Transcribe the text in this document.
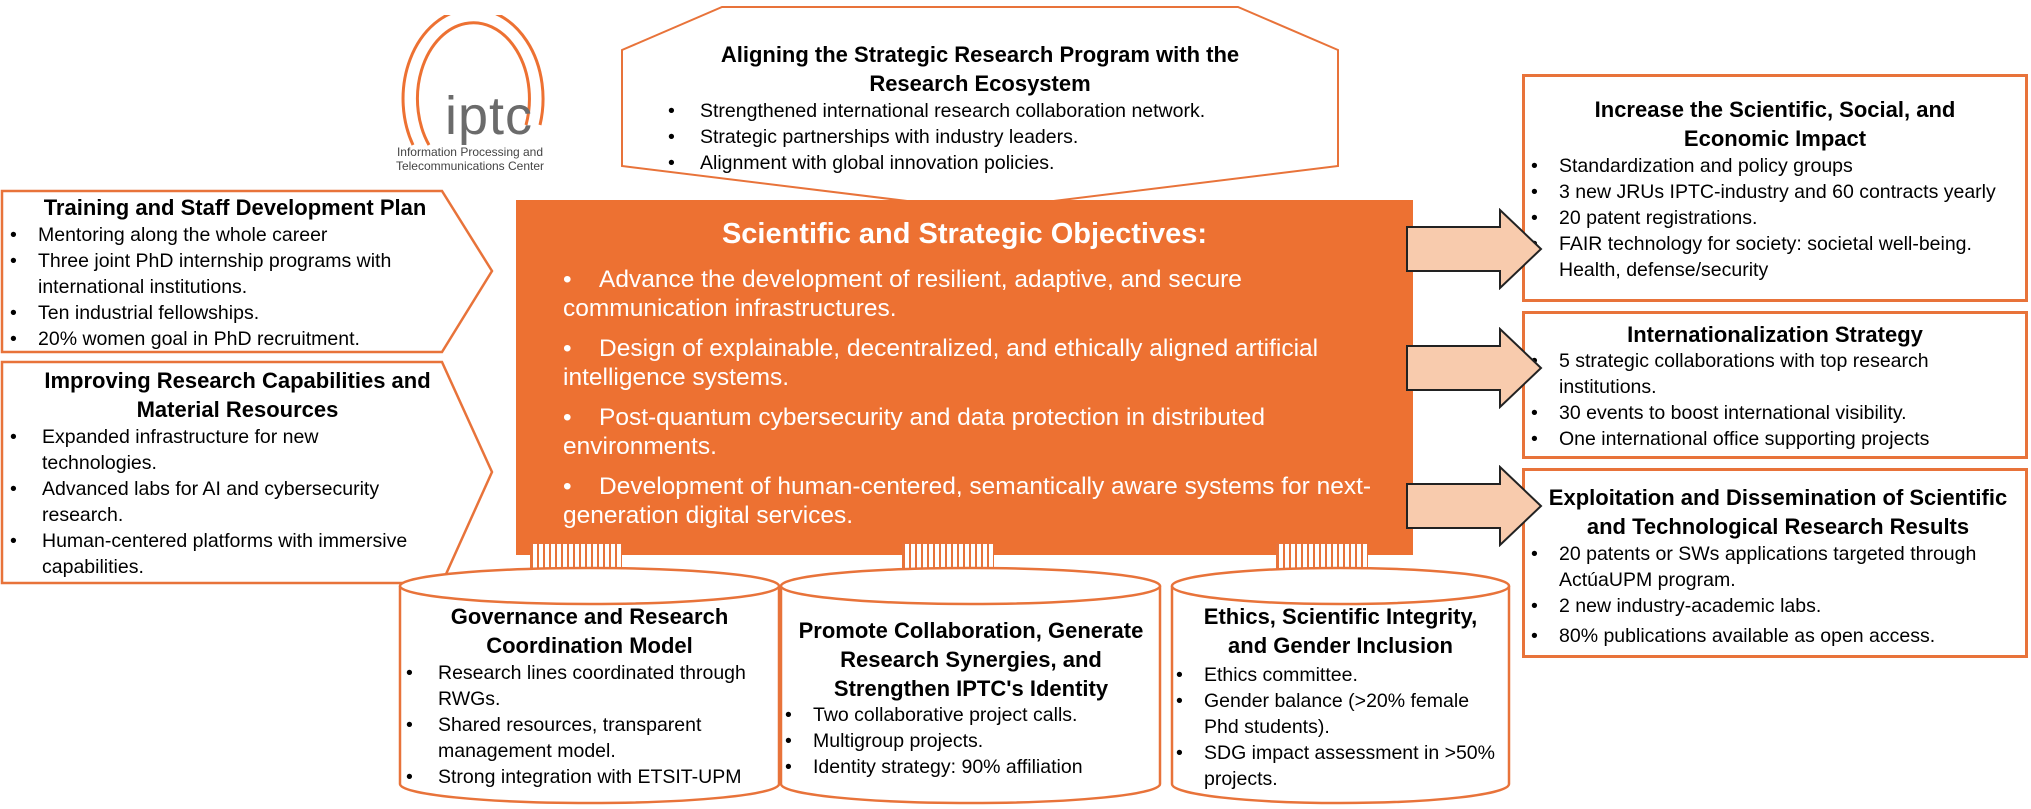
iptc
Information Processing and
Telecommunications Center
Aligning the Strategic Research Program with the Research Ecosystem
• Strengthened international research collaboration network.
• Strategic partnerships with industry leaders.
• Alignment with global innovation policies.
Scientific and Strategic Objectives:
• Advance the development of resilient, adaptive, and secure communication infrastructures.
• Design of explainable, decentralized, and ethically aligned artificial intelligence systems.
• Post-quantum cybersecurity and data protection in distributed environments.
• Development of human-centered, semantically aware systems for next-generation digital services.
Training and Staff Development Plan
• Mentoring along the whole career
• Three joint PhD internship programs with international institutions.
• Ten industrial fellowships.
• 20% women goal in PhD recruitment.
Improving Research Capabilities and Material Resources
• Expanded infrastructure for new technologies.
• Advanced labs for AI and cybersecurity research.
• Human-centered platforms with immersive capabilities.
Increase the Scientific, Social, and Economic Impact
• Standardization and policy groups
• 3 new JRUs IPTC-industry and 60 contracts yearly
• 20 patent registrations.
• FAIR technology for society: societal well-being. Health, defense/security
Internationalization Strategy
• 5 strategic collaborations with top research institutions.
• 30 events to boost international visibility.
• One international office supporting projects
Exploitation and Dissemination of Scientific and Technological Research Results
• 20 patents or SWs applications targeted through ActúaUPM program.
• 2 new industry-academic labs.
• 80% publications available as open access.
Governance and Research Coordination Model
• Research lines coordinated through RWGs.
• Shared resources, transparent management model.
• Strong integration with ETSIT-UPM
Promote Collaboration, Generate Research Synergies, and Strengthen IPTC's Identity
• Two collaborative project calls.
• Multigroup projects.
• Identity strategy: 90% affiliation
Ethics, Scientific Integrity, and Gender Inclusion
• Ethics committee.
• Gender balance (>20% female Phd students).
• SDG impact assessment in >50% projects.
